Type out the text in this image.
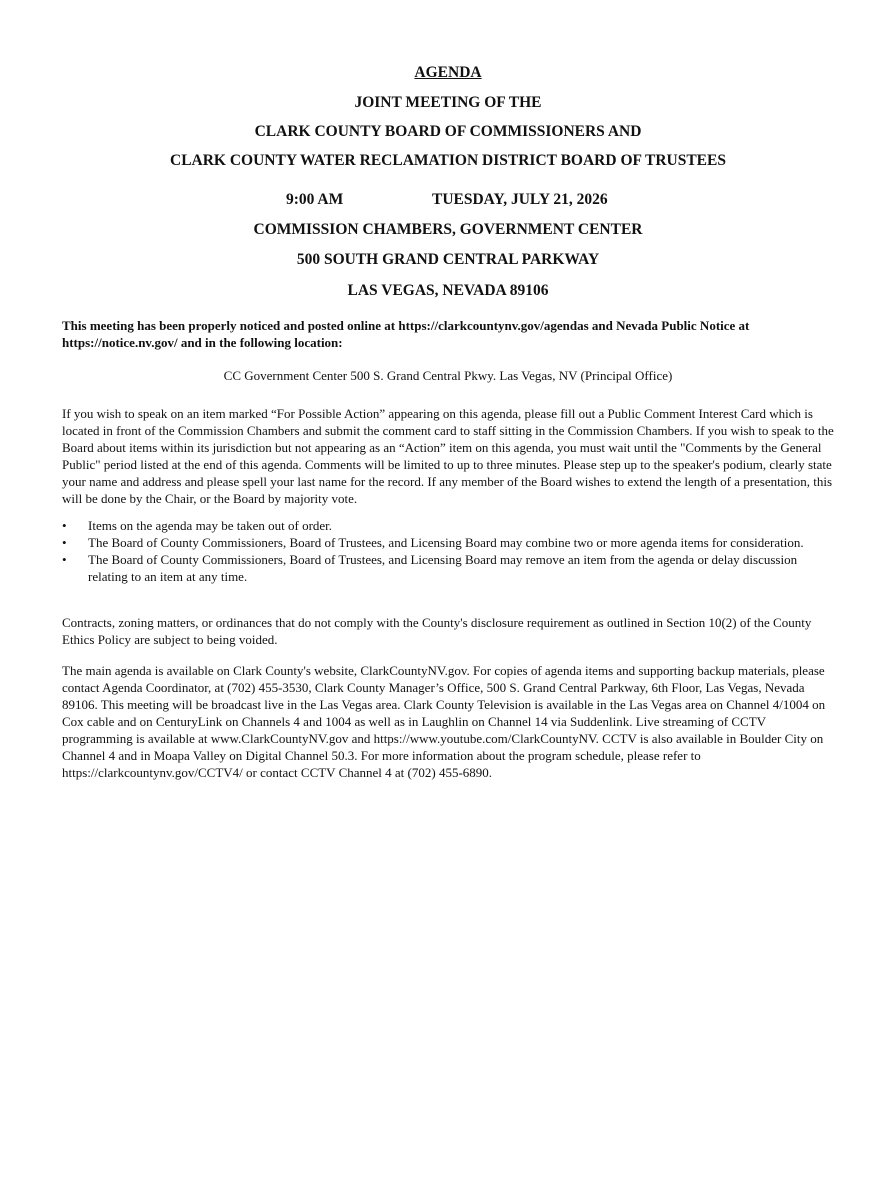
AGENDA
JOINT MEETING OF THE
CLARK COUNTY BOARD OF COMMISSIONERS AND
CLARK COUNTY WATER RECLAMATION DISTRICT BOARD OF TRUSTEES
9:00 AM	TUESDAY, JULY 21, 2026
COMMISSION CHAMBERS, GOVERNMENT CENTER
500 SOUTH GRAND CENTRAL PARKWAY
LAS VEGAS, NEVADA 89106
This meeting has been properly noticed and posted online at https://clarkcountynv.gov/agendas and Nevada Public Notice at https://notice.nv.gov/ and in the following location:
CC Government Center 500 S. Grand Central Pkwy. Las Vegas, NV (Principal Office)
If you wish to speak on an item marked “For Possible Action” appearing on this agenda, please fill out a Public Comment Interest Card which is located in front of the Commission Chambers and submit the comment card to staff sitting in the Commission Chambers. If you wish to speak to the Board about items within its jurisdiction but not appearing as an “Action” item on this agenda, you must wait until the "Comments by the General Public" period listed at the end of this agenda. Comments will be limited to up to three minutes. Please step up to the speaker's podium, clearly state your name and address and please spell your last name for the record. If any member of the Board wishes to extend the length of a presentation, this will be done by the Chair, or the Board by majority vote.
• Items on the agenda may be taken out of order.
• The Board of County Commissioners, Board of Trustees, and Licensing Board may combine two or more agenda items for consideration.
• The Board of County Commissioners, Board of Trustees, and Licensing Board may remove an item from the agenda or delay discussion relating to an item at any time.
Contracts, zoning matters, or ordinances that do not comply with the County's disclosure requirement as outlined in Section 10(2) of the County Ethics Policy are subject to being voided.
The main agenda is available on Clark County's website, ClarkCountyNV.gov. For copies of agenda items and supporting backup materials, please contact Agenda Coordinator, at (702) 455-3530, Clark County Manager’s Office, 500 S. Grand Central Parkway, 6th Floor, Las Vegas, Nevada 89106. This meeting will be broadcast live in the Las Vegas area. Clark County Television is available in the Las Vegas area on Channel 4/1004 on Cox cable and on CenturyLink on Channels 4 and 1004 as well as in Laughlin on Channel 14 via Suddenlink. Live streaming of CCTV programming is available at www.ClarkCountyNV.gov and https://www.youtube.com/ClarkCountyNV. CCTV is also available in Boulder City on Channel 4 and in Moapa Valley on Digital Channel 50.3. For more information about the program schedule, please refer to https://clarkcountynv.gov/CCTV4/ or contact CCTV Channel 4 at (702) 455-6890.
